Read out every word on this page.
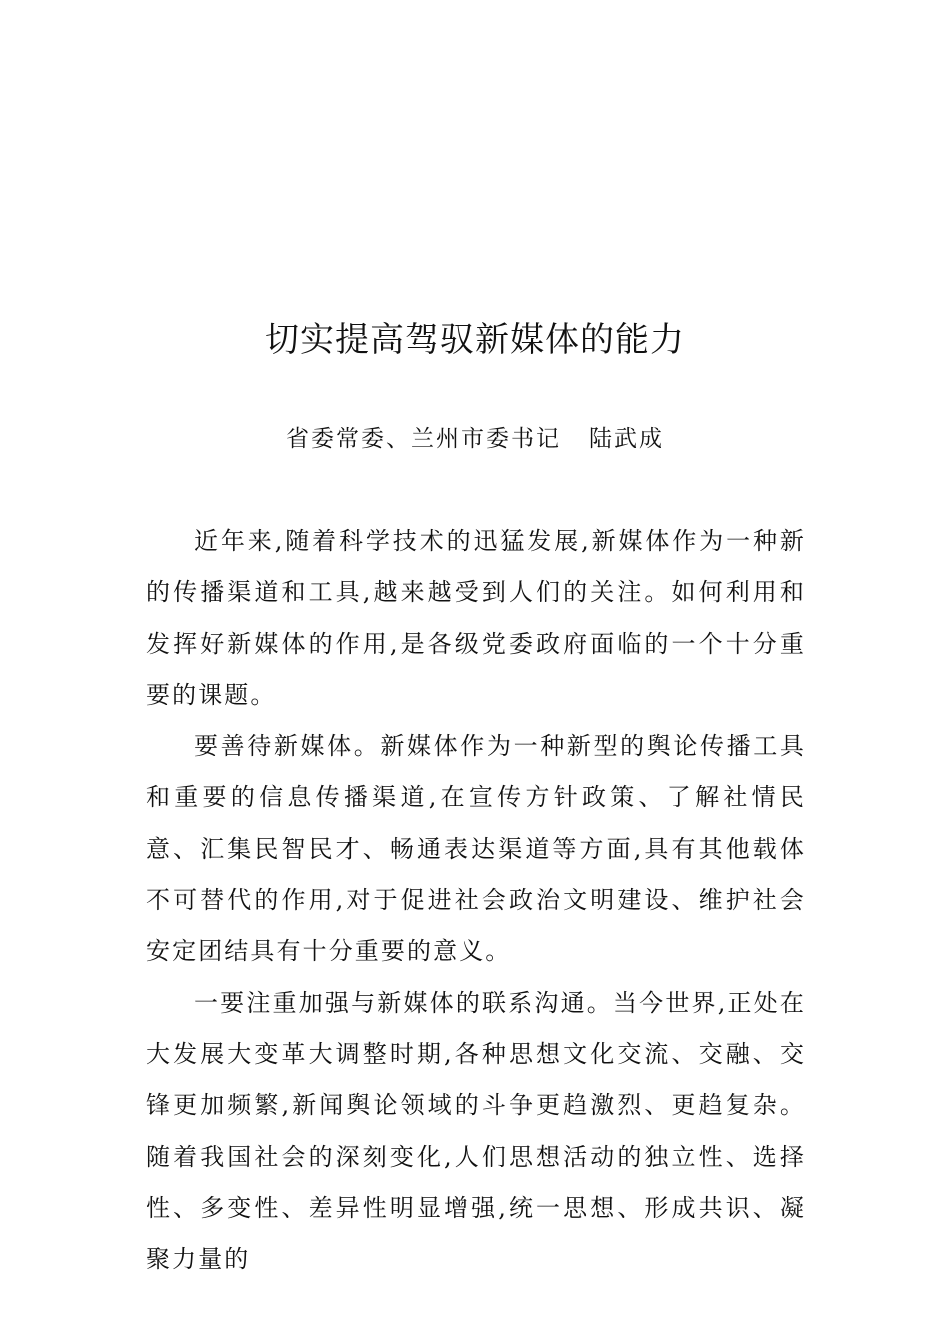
切实提高驾驭新媒体的能力
省委常委、兰州市委书记 陆武成

近年来,随着科学技术的迅猛发展,新媒体作为一种新的传播渠道和工具,越来越受到人们的关注。如何利用和发挥好新媒体的作用,是各级党委政府面临的一个十分重要的课题。

要善待新媒体。新媒体作为一种新型的舆论传播工具和重要的信息传播渠道,在宣传方针政策、了解社情民意、汇集民智民才、畅通表达渠道等方面,具有其他载体不可替代的作用,对于促进社会政治文明建设、维护社会安定团结具有十分重要的意义。

一要注重加强与新媒体的联系沟通。当今世界,正处在大发展大变革大调整时期,各种思想文化交流、交融、交锋更加频繁,新闻舆论领域的斗争更趋激烈、更趋复杂。随着我国社会的深刻变化,人们思想活动的独立性、选择性、多变性、差异性明显增强,统一思想、形成共识、凝聚力量的
